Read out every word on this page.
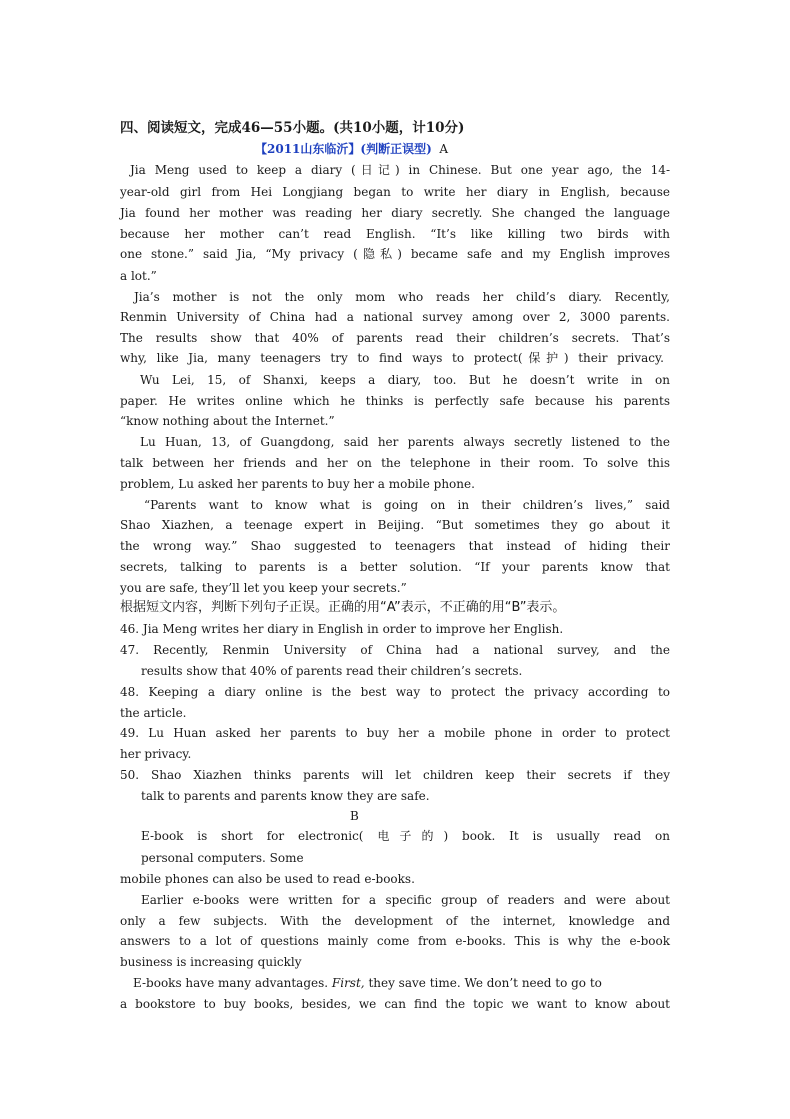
四、阅读短文，完成46—55小题。(共10小题，计10分)
【2011山东临沂】(判断正误型) A
Jia Meng used to keep a diary (日记) in Chinese. But one year ago, the 14-
year-old girl from Hei Longjiang began to write her diary in English, because
Jia found her mother was reading her diary secretly. She changed the language
because her mother can’t read English. “It’s like killing two birds with
one stone.” said Jia, “My privacy (隐私) became safe and my English improves
a lot.”
Jia’s mother is not the only mom who reads her child’s diary. Recently,
Renmin University of China had a national survey among over 2, 3000 parents.
The results show that 40% of parents read their children’s secrets. That’s
why, like Jia, many teenagers try to find ways to protect(保护) their privacy.
Wu Lei, 15, of Shanxi, keeps a diary, too. But he doesn’t write in on
paper. He writes online which he thinks is perfectly safe because his parents
“know nothing about the Internet.”
Lu Huan, 13, of Guangdong, said her parents always secretly listened to the
talk between her friends and her on the telephone in their room. To solve this
problem, Lu asked her parents to buy her a mobile phone.
“Parents want to know what is going on in their children’s lives,” said
Shao Xiazhen, a teenage expert in Beijing. “But sometimes they go about it
the wrong way.” Shao suggested to teenagers that instead of hiding their
secrets, talking to parents is a better solution. “If your parents know that
you are safe, they’ll let you keep your secrets.”
根据短文内容，判断下列句子正误。正确的用“A”表示，不正确的用“B”表示。
46. Jia Meng writes her diary in English in order to improve her English.
47. Recently, Renmin University of China had a national survey, and the
results show that 40% of parents read their children’s secrets.
48. Keeping a diary online is the best way to protect the privacy according to
the article.
49. Lu Huan asked her parents to buy her a mobile phone in order to protect
her privacy.
50. Shao Xiazhen thinks parents will let children keep their secrets if they
talk to parents and parents know they are safe.
B
E-book is short for electronic( 电子的) book. It is usually read on
personal computers. Some
mobile phones can also be used to read e-books.
Earlier e-books were written for a specific group of readers and were about
only a few subjects. With the development of the internet, knowledge and
answers to a lot of questions mainly come from e-books. This is why the e-book
business is increasing quickly
E-books have many advantages. First, they save time. We don’t need to go to
a bookstore to buy books, besides, we can find the topic we want to know about
